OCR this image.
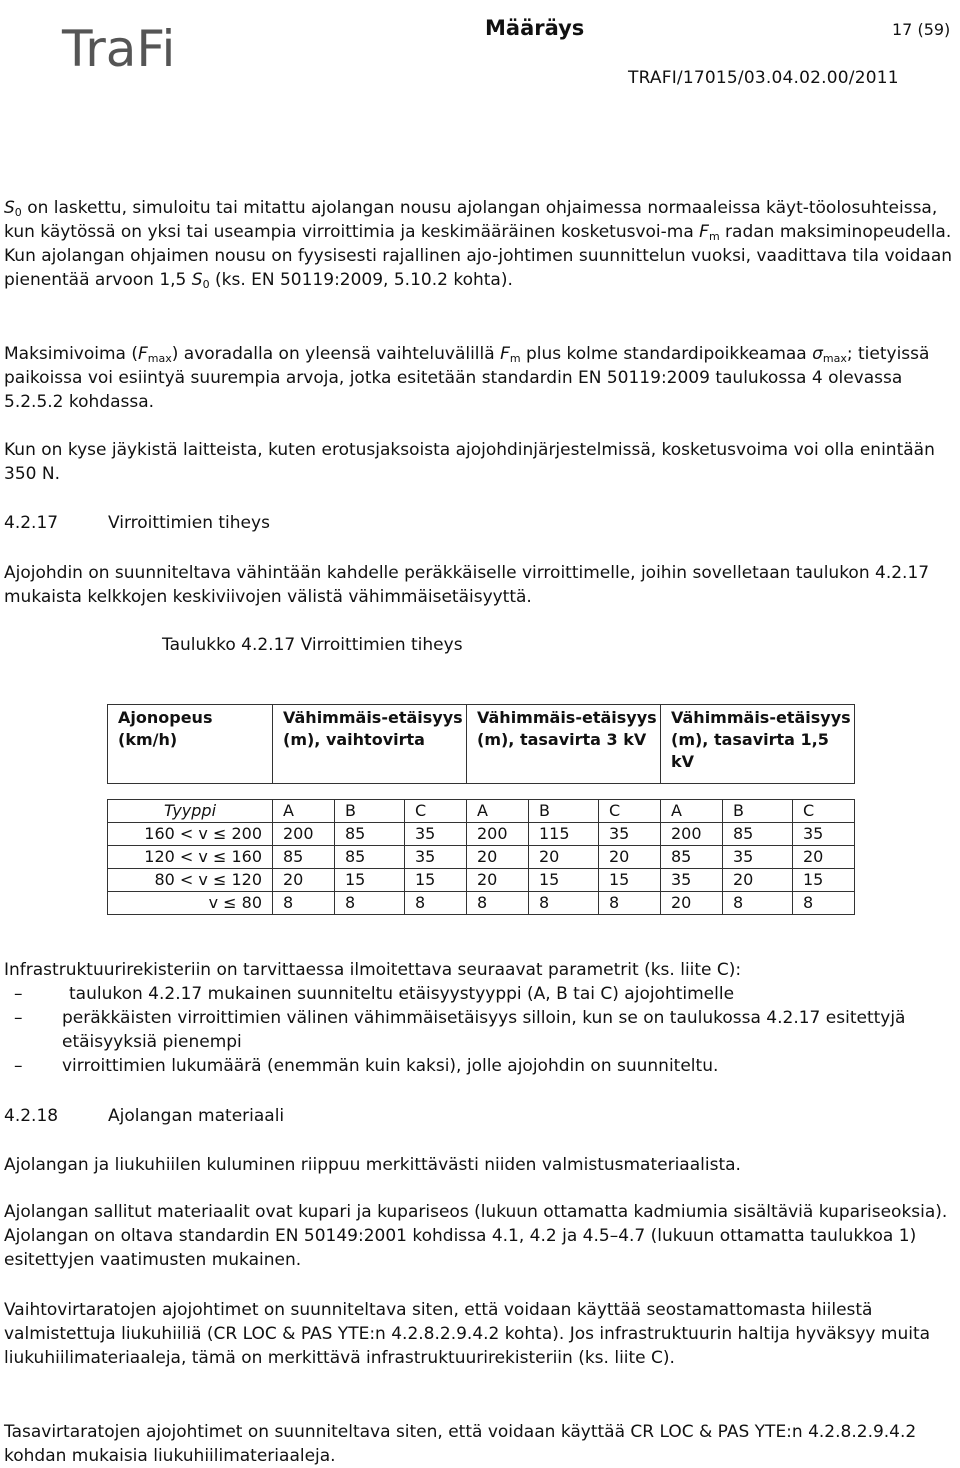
TraFi	Määräys	17 (59)
TRAFI/17015/03.04.02.00/2011

$S_0$ on laskettu, simuloitu tai mitattu ajolangan nousu ajolangan ohjaimessa normaaleissa käyt-töolosuhteissa, kun käytössä on yksi tai useampia virroittimia ja keskimääräinen kosketusvoi-ma $F_m$ radan maksiminopeudella. Kun ajolangan ohjaimen nousu on fyysisesti rajallinen ajo-johtimen suunnittelun vuoksi, vaadittava tila voidaan pienentää arvoon 1,5 $S_0$ (ks. EN 50119:2009, 5.10.2 kohta).

Maksimivoima $(F_{max})$ avoradalla on yleensä vaihteluvälillä $F_m$ plus kolme standardipoikkeamaa $\sigma_{max}$; tietyissä paikoissa voi esiintyä suurempia arvoja, jotka esitetään standardin EN 50119:2009 taulukossa 4 olevassa 5.2.5.2 kohdassa.

Kun on kyse jäykistä laitteista, kuten erotusjaksoista ajojohdinjärjestelmissä, kosketusvoima voi olla enintään 350 N.
4.2.17	Virroittimien tiheys
Ajojohdin on suunniteltava vähintään kahdelle peräkkäiselle virroittimelle, joihin sovelletaan taulukon 4.2.17 mukaista kelkkojen keskiviivojen välistä vähimmäisetäisyyttä.
Taulukko 4.2.17 Virroittimien tiheys
Ajonopeus (km/h)	Vähimmäis-etäisyys (m), vaihtovirta			Vähimmäis-etäisyys (m), tasavirta 3 kV			Vähimmäis-etäisyys (m), tasavirta 1,5 kV		

Tyyppi	A	B	C	A	B	C	A	B	C
160 < v ≤ 200	200	85	35	200	115	35	200	85	35
120 < v ≤ 160	85	85	35	20	20	20	85	35	20
80 < v ≤ 120	20	15	15	20	15	15	35	20	15
v ≤ 80	8	8	8	8	8	8	20	8	8
Infrastruktuurirekisteriin on tarvittaessa ilmoitettava seuraavat parametrit (ks. liite C):
–	taulukon 4.2.17 mukainen suunniteltu etäisyystyyppi (A, B tai C) ajojohtimelle
– peräkkäisten virroittimien välinen vähimmäisetäisyys silloin, kun se on taulukossa 4.2.17 esitettyjä etäisyyksiä pienempi
– virroittimien lukumäärä (enemmän kuin kaksi), jolle ajojohdin on suunniteltu.
4.2.18	Ajolangan materiaali
Ajolangan ja liukuhiilen kuluminen riippuu merkittävästi niiden valmistusmateriaalista.
Ajolangan sallitut materiaalit ovat kupari ja kupariseos (lukuun ottamatta kadmiumia sisältäviä kupariseoksia). Ajolangan on oltava standardin EN 50149:2001 kohdissa 4.1, 4.2 ja 4.5–4.7 (lukuun ottamatta taulukkoa 1) esitettyjen vaatimusten mukainen.
Vaihtovirtaratojen ajojohtimet on suunniteltava siten, että voidaan käyttää seostamattomasta hiilestä valmistettuja liukuhiiliä (CR LOC & PAS YTE:n 4.2.8.2.9.4.2 kohta). Jos infrastruktuurin haltija hyväksyy muita liukuhiilimateriaaleja, tämä on merkittävä infrastruktuurirekisteriin (ks. liite C).
Tasavirtaratojen ajojohtimet on suunniteltava siten, että voidaan käyttää CR LOC & PAS YTE:n 4.2.8.2.9.4.2 kohdan mukaisia liukuhiilimateriaaleja.
